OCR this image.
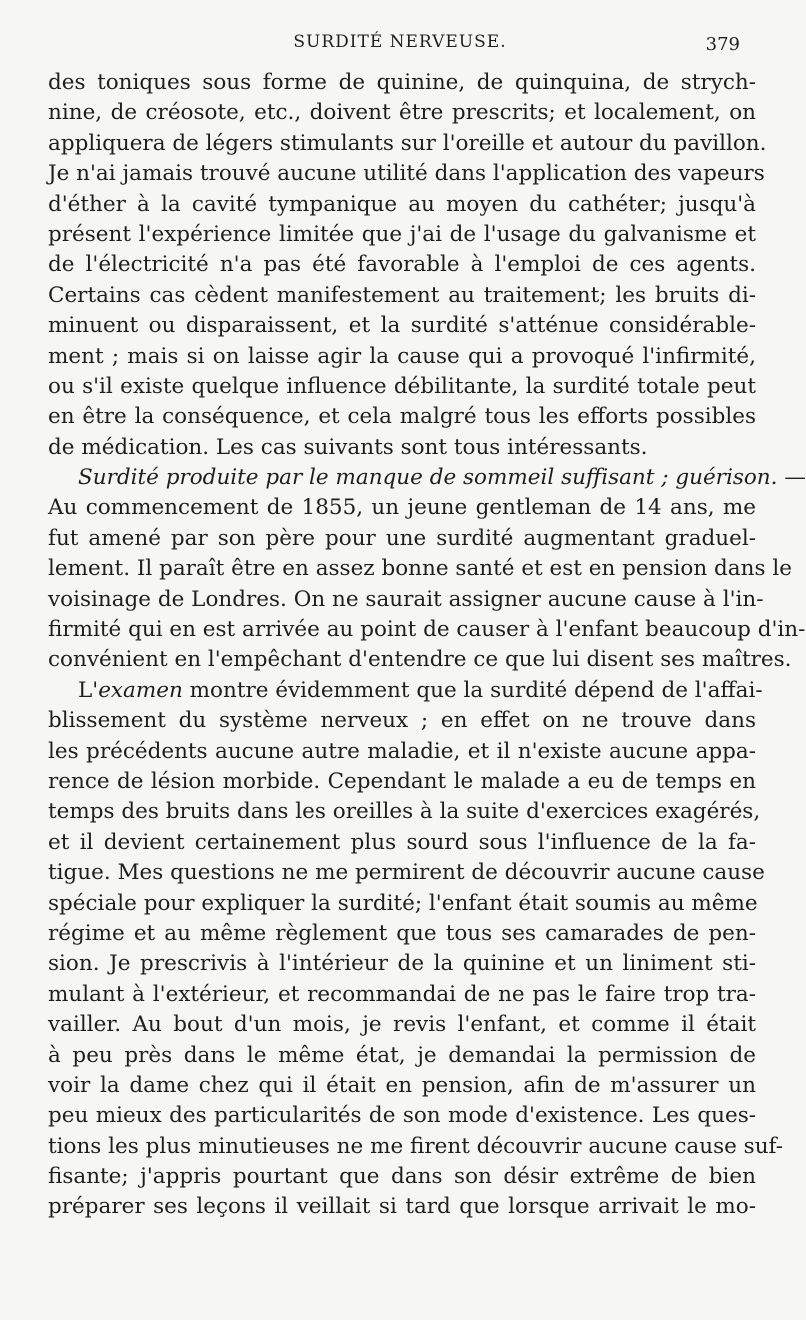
SURDITÉ NERVEUSE.	379
des toniques sous forme de quinine, de quinquina, de strych-
nine, de créosote, etc., doivent être prescrits; et localement, on
appliquera de légers stimulants sur l'oreille et autour du pavillon.
Je n'ai jamais trouvé aucune utilité dans l'application des vapeurs
d'éther à la cavité tympanique au moyen du cathéter; jusqu'à
présent l'expérience limitée que j'ai de l'usage du galvanisme et
de l'électricité n'a pas été favorable à l'emploi de ces agents.
Certains cas cèdent manifestement au traitement; les bruits di-
minuent ou disparaissent, et la surdité s'atténue considérable-
ment ; mais si on laisse agir la cause qui a provoqué l'infirmité,
ou s'il existe quelque influence débilitante, la surdité totale peut
en être la conséquence, et cela malgré tous les efforts possibles
de médication. Les cas suivants sont tous intéressants.
Surdité produite par le manque de sommeil suffisant ; guérison. —
Au commencement de 1855, un jeune gentleman de 14 ans, me
fut amené par son père pour une surdité augmentant graduel-
lement. Il paraît être en assez bonne santé et est en pension dans le
voisinage de Londres. On ne saurait assigner aucune cause à l'in-
firmité qui en est arrivée au point de causer à l'enfant beaucoup d'in-
convénient en l'empêchant d'entendre ce que lui disent ses maîtres.
L'examen montre évidemment que la surdité dépend de l'affai-
blissement du système nerveux ; en effet on ne trouve dans
les précédents aucune autre maladie, et il n'existe aucune appa-
rence de lésion morbide. Cependant le malade a eu de temps en
temps des bruits dans les oreilles à la suite d'exercices exagérés,
et il devient certainement plus sourd sous l'influence de la fa-
tigue. Mes questions ne me permirent de découvrir aucune cause
spéciale pour expliquer la surdité; l'enfant était soumis au même
régime et au même règlement que tous ses camarades de pen-
sion. Je prescrivis à l'intérieur de la quinine et un liniment sti-
mulant à l'extérieur, et recommandai de ne pas le faire trop tra-
vailler. Au bout d'un mois, je revis l'enfant, et comme il était
à peu près dans le même état, je demandai la permission de
voir la dame chez qui il était en pension, afin de m'assurer un
peu mieux des particularités de son mode d'existence. Les ques-
tions les plus minutieuses ne me firent découvrir aucune cause suf-
fisante; j'appris pourtant que dans son désir extrême de bien
préparer ses leçons il veillait si tard que lorsque arrivait le mo-
